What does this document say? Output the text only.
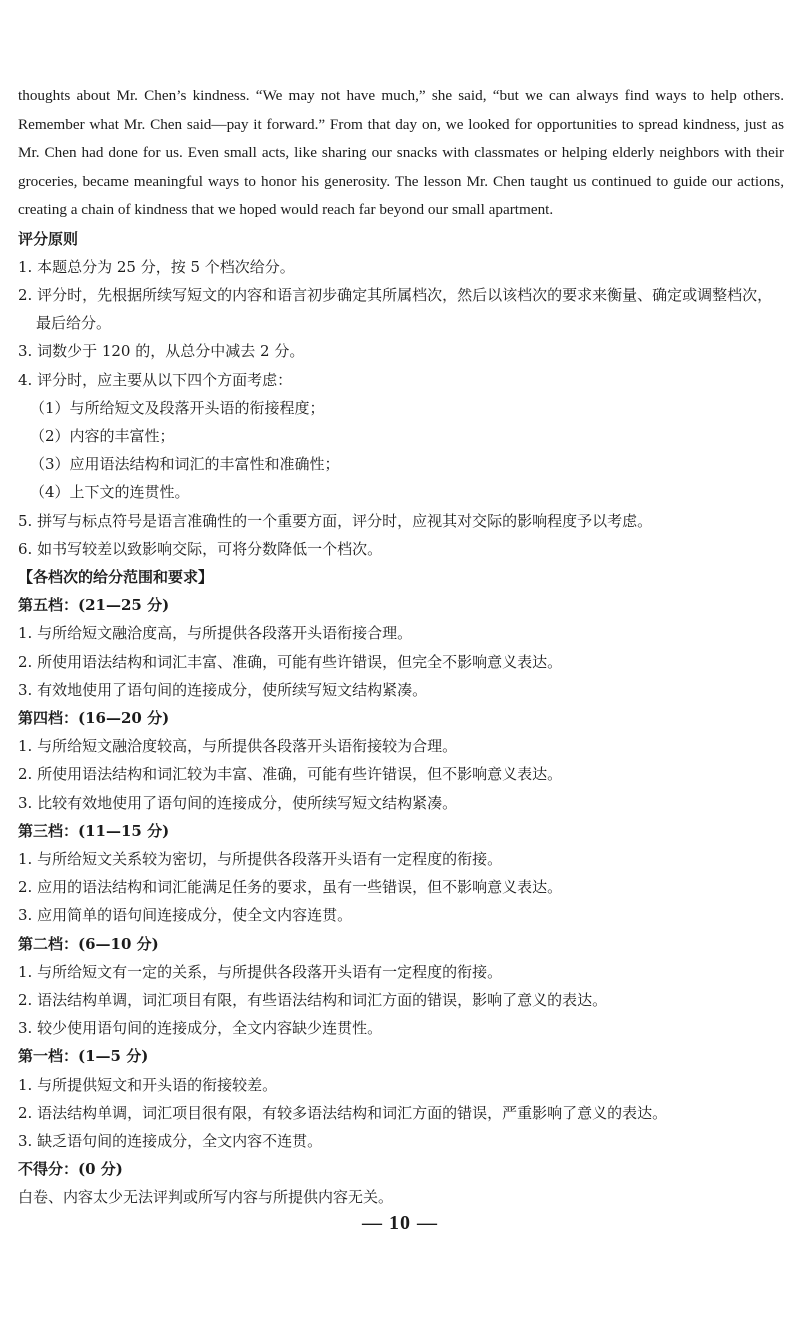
thoughts about Mr. Chen’s kindness. “We may not have much,” she said, “but we can always find ways to help others. Remember what Mr. Chen said—pay it forward.” From that day on, we looked for opportunities to spread kindness, just as Mr. Chen had done for us. Even small acts, like sharing our snacks with classmates or helping elderly neighbors with their groceries, became meaningful ways to honor his generosity. The lesson Mr. Chen taught us continued to guide our actions, creating a chain of kindness that we hoped would reach far beyond our small apartment.

评分原则

1. 本题总分为 25 分，按 5 个档次给分。

2. 评分时，先根据所续写短文的内容和语言初步确定其所属档次，然后以该档次的要求来衡量、确定或调整档次，

最后给分。

3. 词数少于 120 的，从总分中减去 2 分。

4. 评分时，应主要从以下四个方面考虑：

（1）与所给短文及段落开头语的衔接程度；

（2）内容的丰富性；

（3）应用语法结构和词汇的丰富性和准确性；

（4）上下文的连贯性。

5. 拼写与标点符号是语言准确性的一个重要方面，评分时，应视其对交际的影响程度予以考虑。

6. 如书写较差以致影响交际，可将分数降低一个档次。

【各档次的给分范围和要求】

第五档：(21—25 分)

1. 与所给短文融洽度高，与所提供各段落开头语衔接合理。

2. 所使用语法结构和词汇丰富、准确，可能有些许错误，但完全不影响意义表达。

3. 有效地使用了语句间的连接成分，使所续写短文结构紧凑。

第四档：(16—20 分)

1. 与所给短文融洽度较高，与所提供各段落开头语衔接较为合理。

2. 所使用语法结构和词汇较为丰富、准确，可能有些许错误，但不影响意义表达。

3. 比较有效地使用了语句间的连接成分，使所续写短文结构紧凑。

第三档：(11—15 分)

1. 与所给短文关系较为密切，与所提供各段落开头语有一定程度的衔接。

2. 应用的语法结构和词汇能满足任务的要求，虽有一些错误，但不影响意义表达。

3. 应用简单的语句间连接成分，使全文内容连贯。

第二档：(6—10 分)

1. 与所给短文有一定的关系，与所提供各段落开头语有一定程度的衔接。

2. 语法结构单调，词汇项目有限，有些语法结构和词汇方面的错误，影响了意义的表达。

3. 较少使用语句间的连接成分，全文内容缺少连贯性。

第一档：(1—5 分)

1. 与所提供短文和开头语的衔接较差。

2. 语法结构单调，词汇项目很有限，有较多语法结构和词汇方面的错误，严重影响了意义的表达。

3. 缺乏语句间的连接成分，全文内容不连贯。

不得分：(0 分)

白卷、内容太少无法评判或所写内容与所提供内容无关。

— 10 —
